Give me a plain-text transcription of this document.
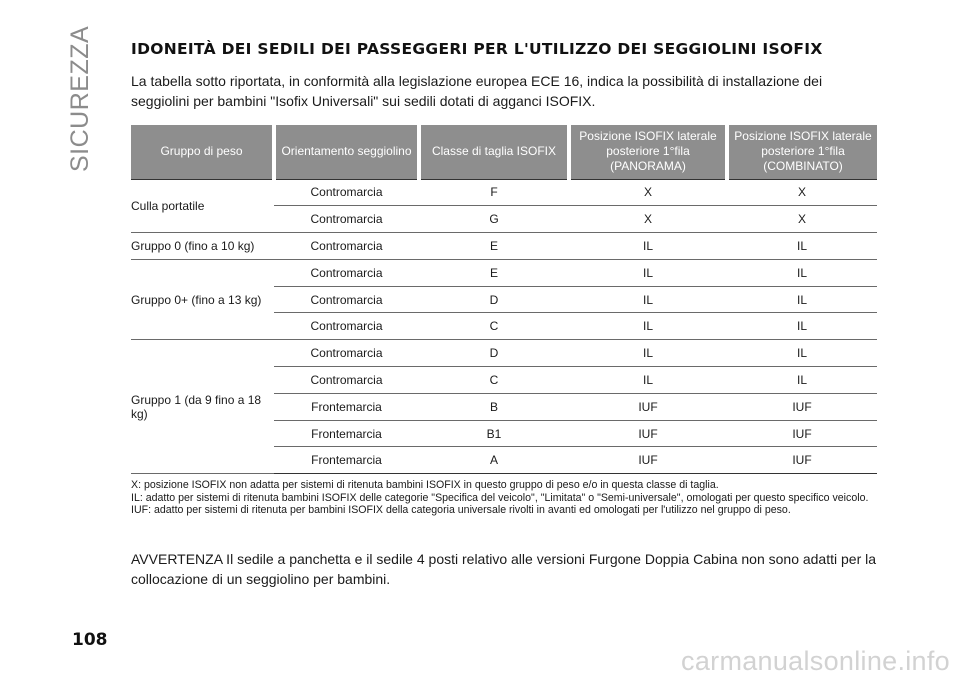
SICUREZZA IDONEITÀ DEI SEDILI DEI PASSEGGERI PER L'UTILIZZO DEI SEGGIOLINI ISOFIX
La tabella sotto riportata, in conformità alla legislazione europea ECE 16, indica la possibilità di installazione dei seggiolini per bambini "Isofix Universali" sui sedili dotati di agganci ISOFIX.
Gruppo di peso	Orientamento seggiolino	Classe di taglia ISOFIX	Posizione ISOFIX laterale posteriore 1°fila (PANORAMA)	Posizione ISOFIX laterale posteriore 1°fila (COMBINATO)
Culla portatile	Contromarcia	F	X	X
	Contromarcia	G	X	X
Gruppo 0 (fino a 10 kg)	Contromarcia	E	IL	IL
Gruppo 0+ (fino a 13 kg)	Contromarcia	E	IL	IL
	Contromarcia	D	IL	IL
	Contromarcia	C	IL	IL
Gruppo 1 (da 9 fino a 18 kg)	Contromarcia	D	IL	IL
	Contromarcia	C	IL	IL
	Frontemarcia	B	IUF	IUF
	Frontemarcia	B1	IUF	IUF
	Frontemarcia	A	IUF	IUF

X: posizione ISOFIX non adatta per sistemi di ritenuta bambini ISOFIX in questo gruppo di peso e/o in questa classe di taglia.

IL: adatto per sistemi di ritenuta bambini ISOFIX delle categorie "Specifica del veicolo", "Limitata" o "Semi-universale", omologati per questo specifico veicolo.

IUF: adatto per sistemi di ritenuta per bambini ISOFIX della categoria universale rivolti in avanti ed omologati per l'utilizzo nel gruppo di peso.

AVVERTENZA Il sedile a panchetta e il sedile 4 posti relativo alle versioni Furgone Doppia Cabina non sono adatti per la collocazione di un seggiolino per bambini.
108
carmanualsonline.info
